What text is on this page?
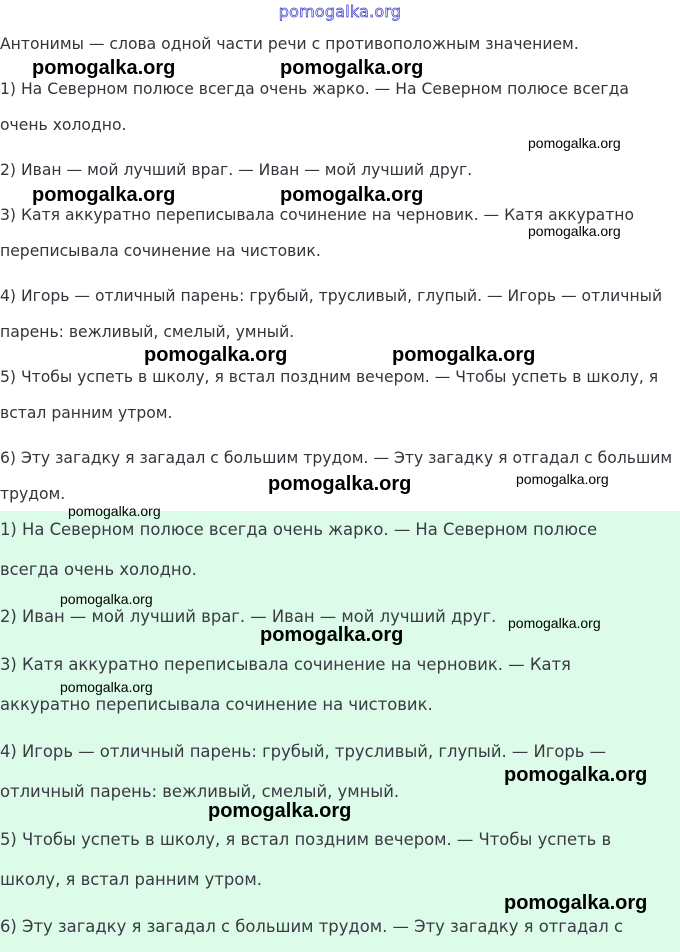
pomogalka.org
Антонимы — слова одной части речи с противоположным значением.
1) На Северном полюсе всегда очень жарко. — На Северном полюсе всегда
очень холодно.
2) Иван — мой лучший враг. — Иван — мой лучший друг.
3) Катя аккуратно переписывала сочинение на черновик. — Катя аккуратно
переписывала сочинение на чистовик.
4) Игорь — отличный парень: грубый, трусливый, глупый. — Игорь — отличный
парень: вежливый, смелый, умный.
5) Чтобы успеть в школу, я встал поздним вечером. — Чтобы успеть в школу, я
встал ранним утром.
6) Эту загадку я загадал с большим трудом. — Эту загадку я отгадал с большим
трудом.
1) На Северном полюсе всегда очень жарко. — На Северном полюсе
всегда очень холодно.
2) Иван — мой лучший враг. — Иван — мой лучший друг.
3) Катя аккуратно переписывала сочинение на черновик. — Катя
аккуратно переписывала сочинение на чистовик.
4) Игорь — отличный парень: грубый, трусливый, глупый. — Игорь —
отличный парень: вежливый, смелый, умный.
5) Чтобы успеть в школу, я встал поздним вечером. — Чтобы успеть в
школу, я встал ранним утром.
6) Эту загадку я загадал с большим трудом. — Эту загадку я отгадал с
pomogalka.org	pomogalka.org
pomogalka.org
pomogalka.org	pomogalka.org
pomogalka.org
pomogalka.org	pomogalka.org
pomogalka.org	pomogalka.org
pomogalka.org
pomogalka.org
pomogalka.org
pomogalka.org
pomogalka.org
pomogalka.org
pomogalka.org
pomogalka.org
